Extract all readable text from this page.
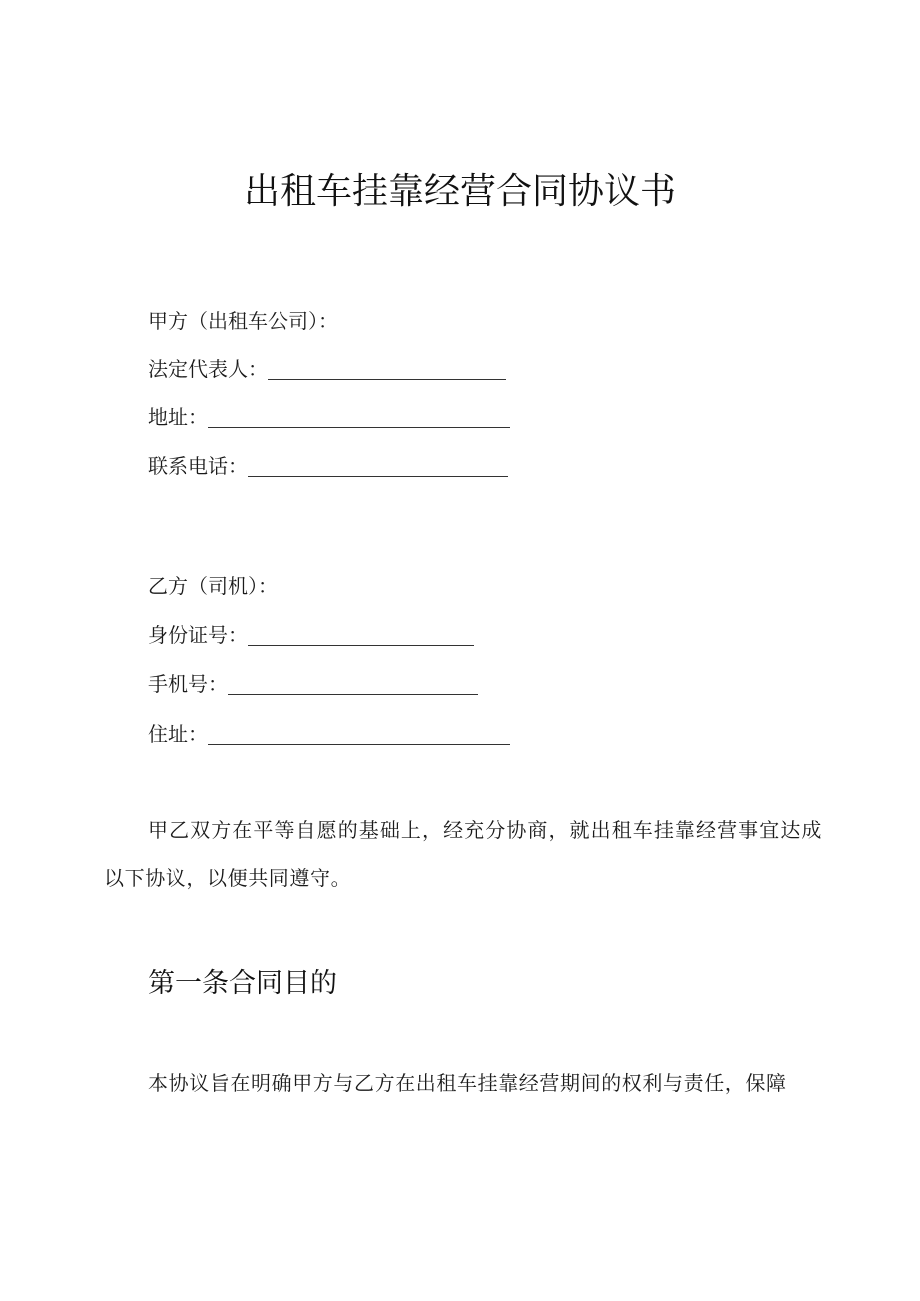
出租车挂靠经营合同协议书
甲方（出租车公司）：
法定代表人：
地址：
联系电话：
乙方（司机）：
身份证号：
手机号：
住址：
甲乙双方在平等自愿的基础上，经充分协商，就出租车挂靠经营事宜达成以下协议，以便共同遵守。
第一条合同目的
本协议旨在明确甲方与乙方在出租车挂靠经营期间的权利与责任，保障
